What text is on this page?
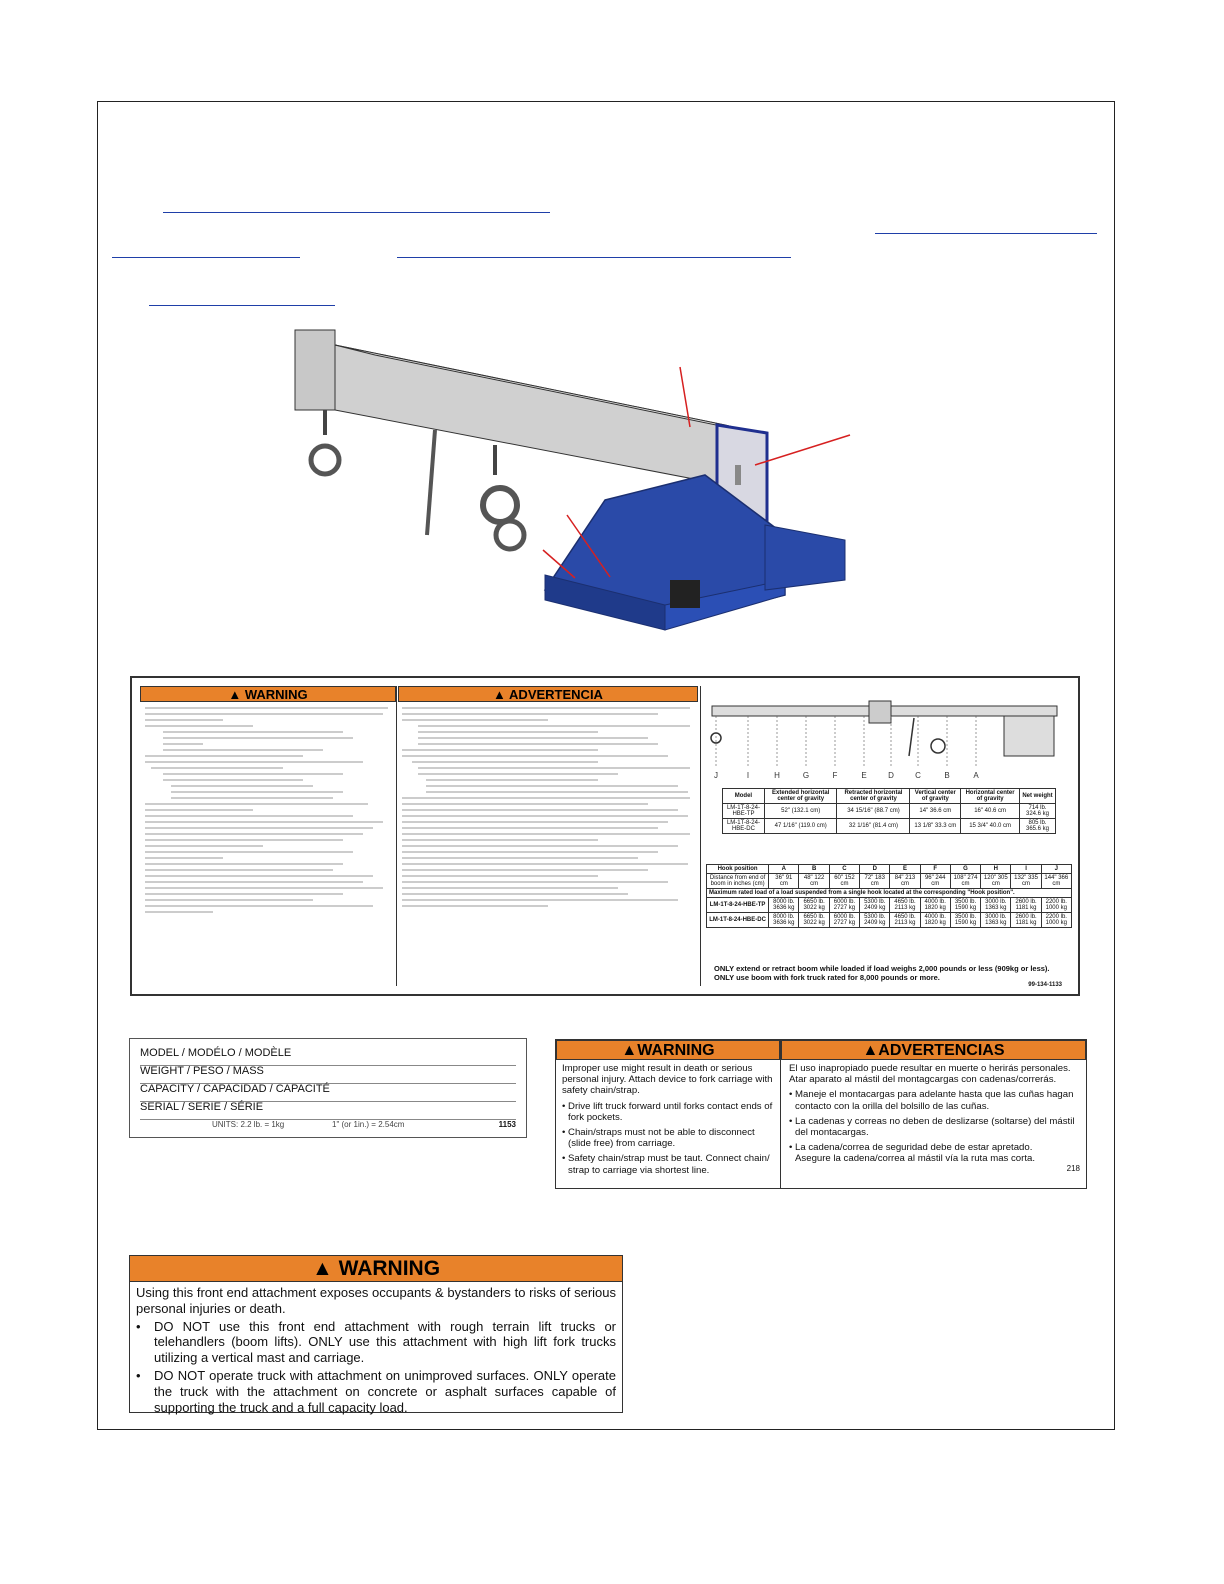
▲ WARNING	▲ ADVERTENCIA
J	I	H	G	F	E	D	C	B	A
Model	Extended horizontal center of gravity	Retracted horizontal center of gravity	Vertical center of gravity	Horizontal center of gravity	Net weight
LM-1T-8-24-HBE-TP	52" (132.1 cm)	34 15/16" (88.7 cm)	14" 36.6 cm	16" 40.6 cm	714 lb. 324.6 kg
LM-1T-8-24-HBE-DC	47 1/16" (119.0 cm)	32 1/16" (81.4 cm)	13 1/8" 33.3 cm	15 3/4" 40.0 cm	805 lb. 365.6 kg
Hook position	A	B	C	D	E	F	G	H	I	J
Distance from end of boom in inches (cm)	36" 91 cm	48" 122 cm	60" 152 cm	72" 183 cm	84" 213 cm	96" 244 cm	108" 274 cm	120" 305 cm	132" 335 cm	144" 366 cm
Maximum rated load of a load suspended from a single hook located at the corresponding "Hook position".										
LM-1T-8-24-HBE-TP	8000 lb. 3636 kg	6650 lb. 3022 kg	6000 lb. 2727 kg	5300 lb. 2409 kg	4650 lb. 2113 kg	4000 lb. 1820 kg	3500 lb. 1590 kg	3000 lb. 1363 kg	2600 lb. 1181 kg	2200 lb. 1000 kg
LM-1T-8-24-HBE-DC	8000 lb. 3636 kg	6650 lb. 3022 kg	6000 lb. 2727 kg	5300 lb. 2409 kg	4650 lb. 2113 kg	4000 lb. 1820 kg	3500 lb. 1590 kg	3000 lb. 1363 kg	2600 lb. 1181 kg	2200 lb. 1000 kg
ONLY extend or retract boom while loaded if load weighs 2,000 pounds or less (909kg or less).
ONLY use boom with fork truck rated for 8,000 pounds or more.
99-134-1133
MODEL / MODÉLO / MODÈLE
WEIGHT / PESO / MASS
CAPACITY / CAPACIDAD / CAPACITÉ
SERIAL / SERIE / SÉRIE
UNITS: 2.2 lb. = 1kg	1" (or 1in.) = 2.54cm	1153
▲WARNING
Improper use might result in death or serious personal injury. Attach device to fork carriage with safety chain/strap.
• Drive lift truck forward until forks contact ends of fork pockets.
• Chain/straps must not be able to disconnect (slide free) from carriage.
• Safety chain/strap must be taut. Connect chain/ strap to carriage via shortest line.
▲ADVERTENCIAS
El uso inapropiado puede resultar en muerte o herirás personales. Atar aparato al mástil del montagcargas con cadenas/correrás.
• Maneje el montacargas para adelante hasta que las cuñas hagan contacto con la orilla del bolsillo de las cuñas.
• La cadenas y correas no deben de deslizarse (soltarse) del mástil del montacargas.
• La cadena/correa de seguridad debe de estar apretado. Asegure la cadena/correa al mástil vía la ruta mas corta.
218
▲ WARNING
Using this front end attachment exposes occupants & bystanders to risks of serious personal injuries or death.
•	DO NOT use this front end attachment with rough terrain lift trucks or telehandlers (boom lifts). ONLY use this attachment with high lift fork trucks utilizing a vertical mast and carriage.
•	DO NOT operate truck with attachment on unimproved surfaces. ONLY operate the truck with the attachment on concrete or asphalt surfaces capable of supporting the truck and a full capacity load.
